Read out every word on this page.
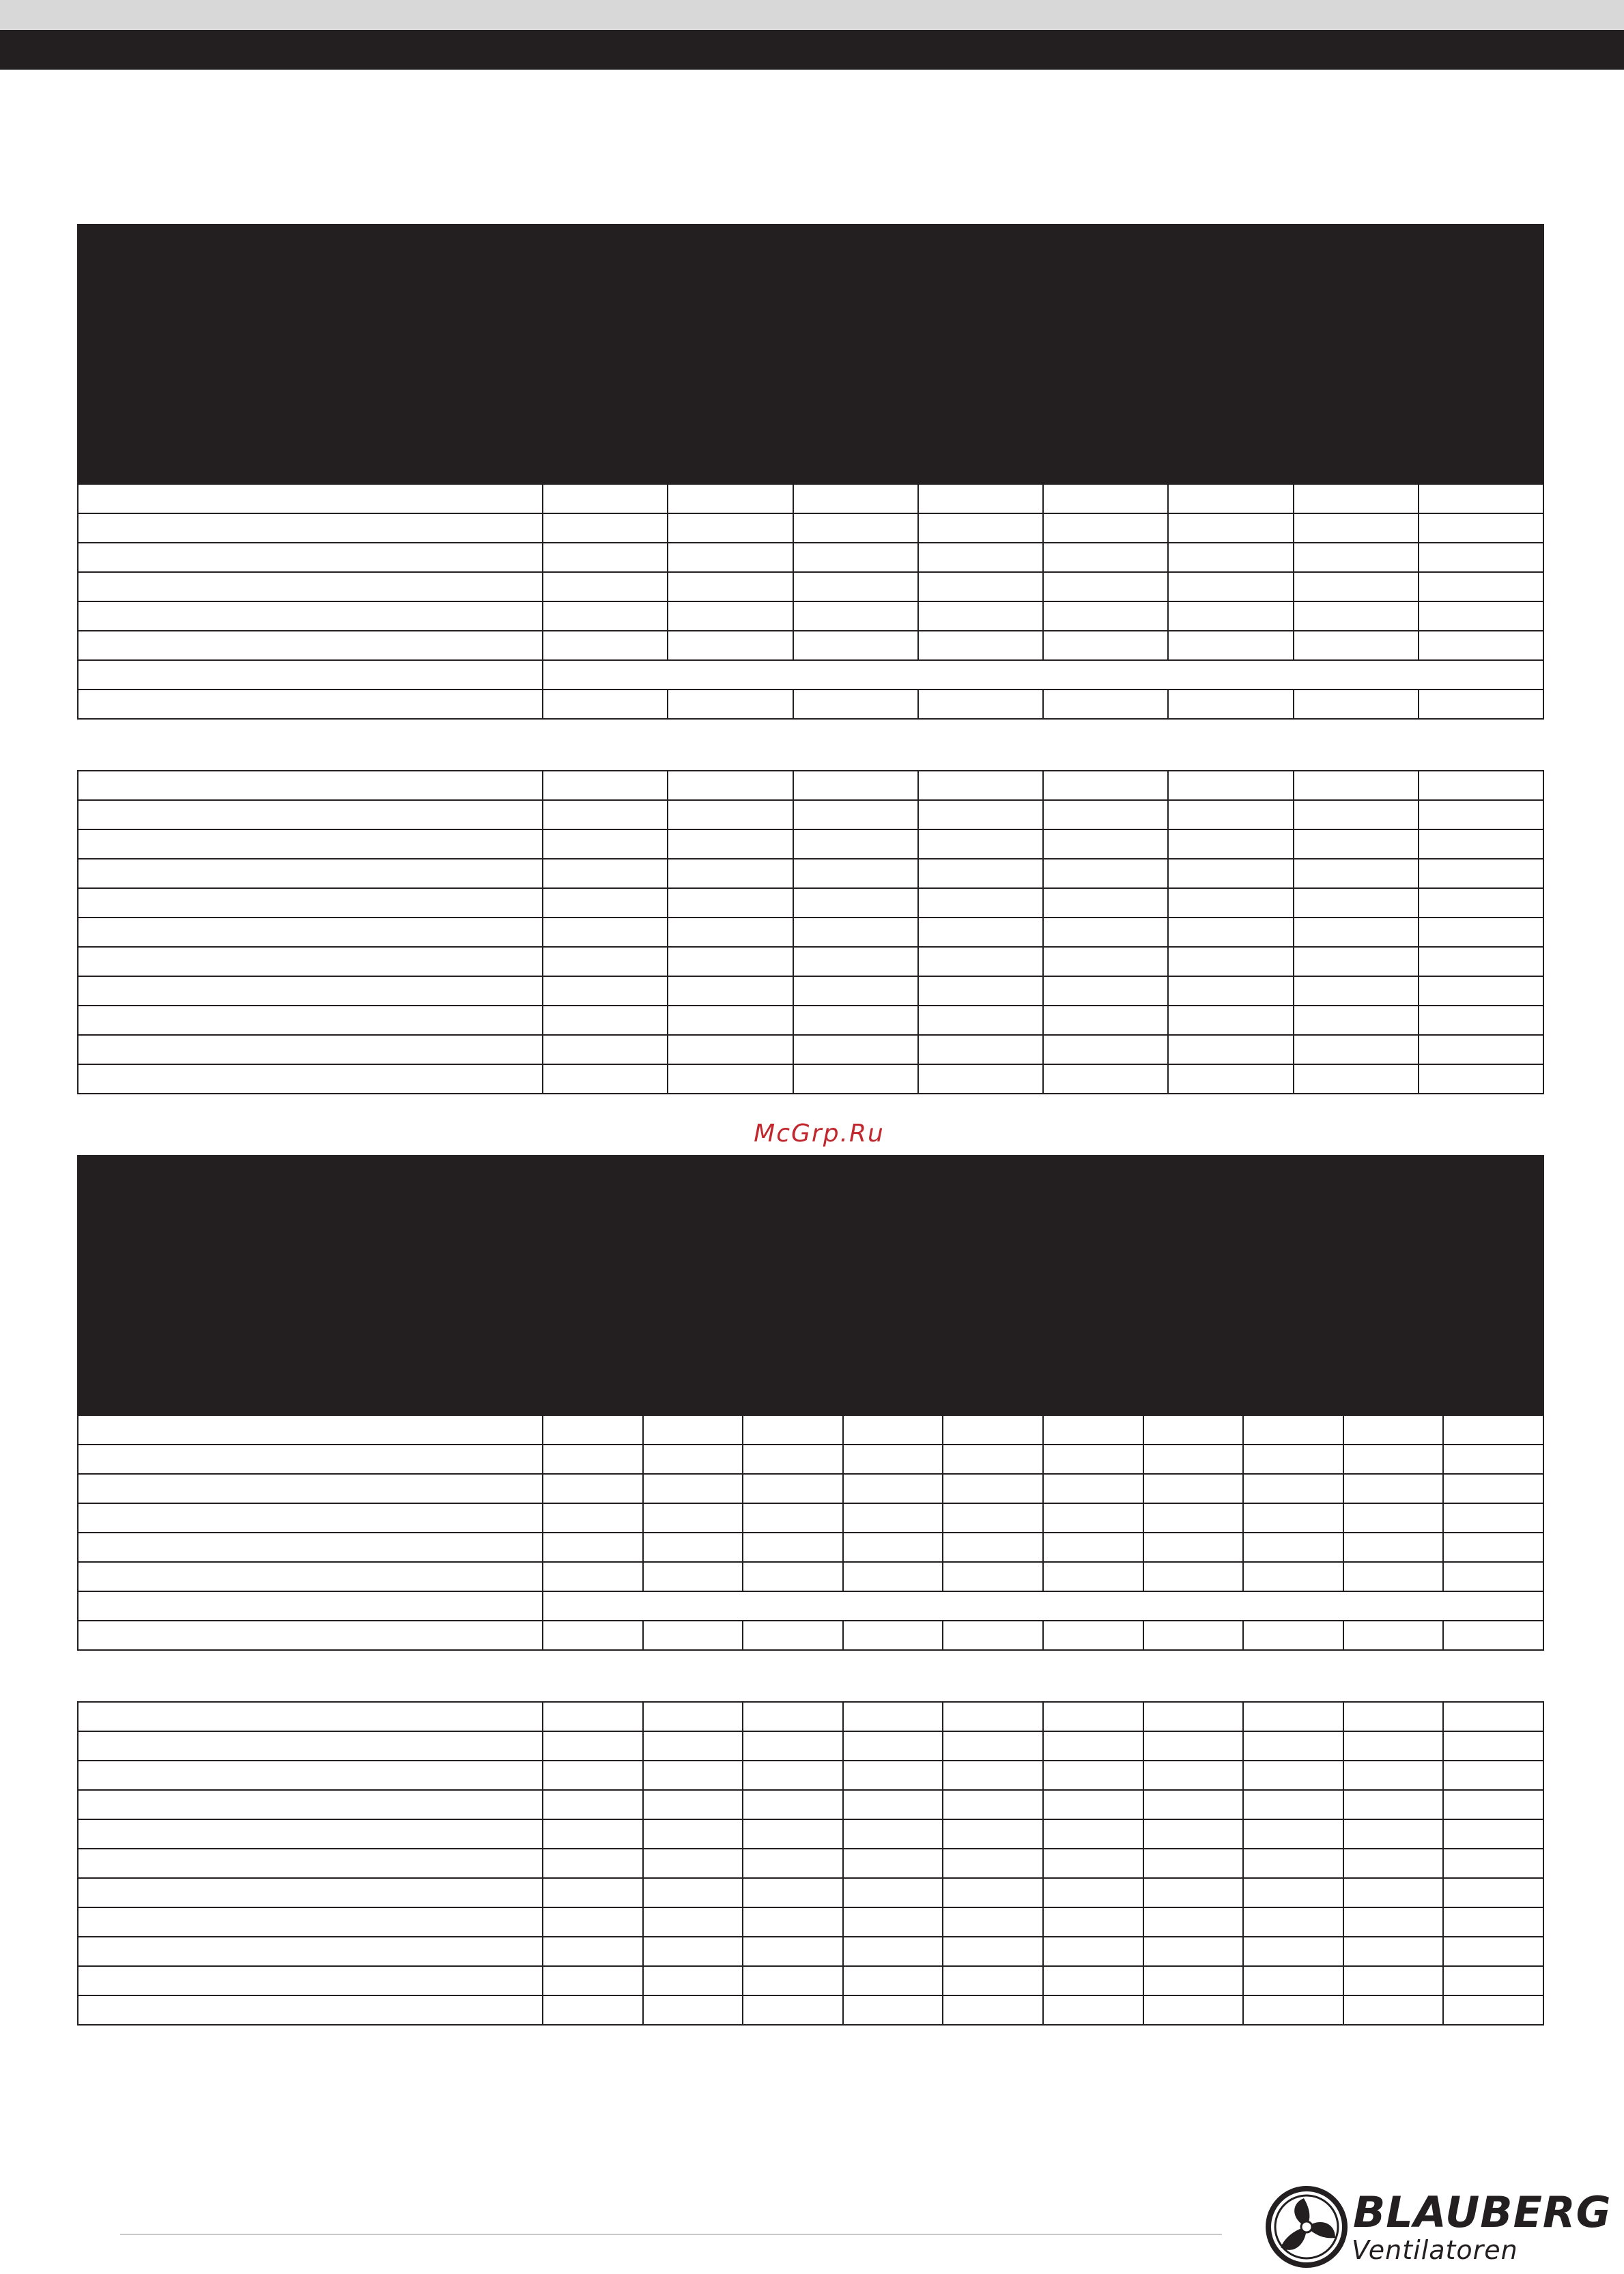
McGrp.Ru

BLAUBERG
Ventilatoren
